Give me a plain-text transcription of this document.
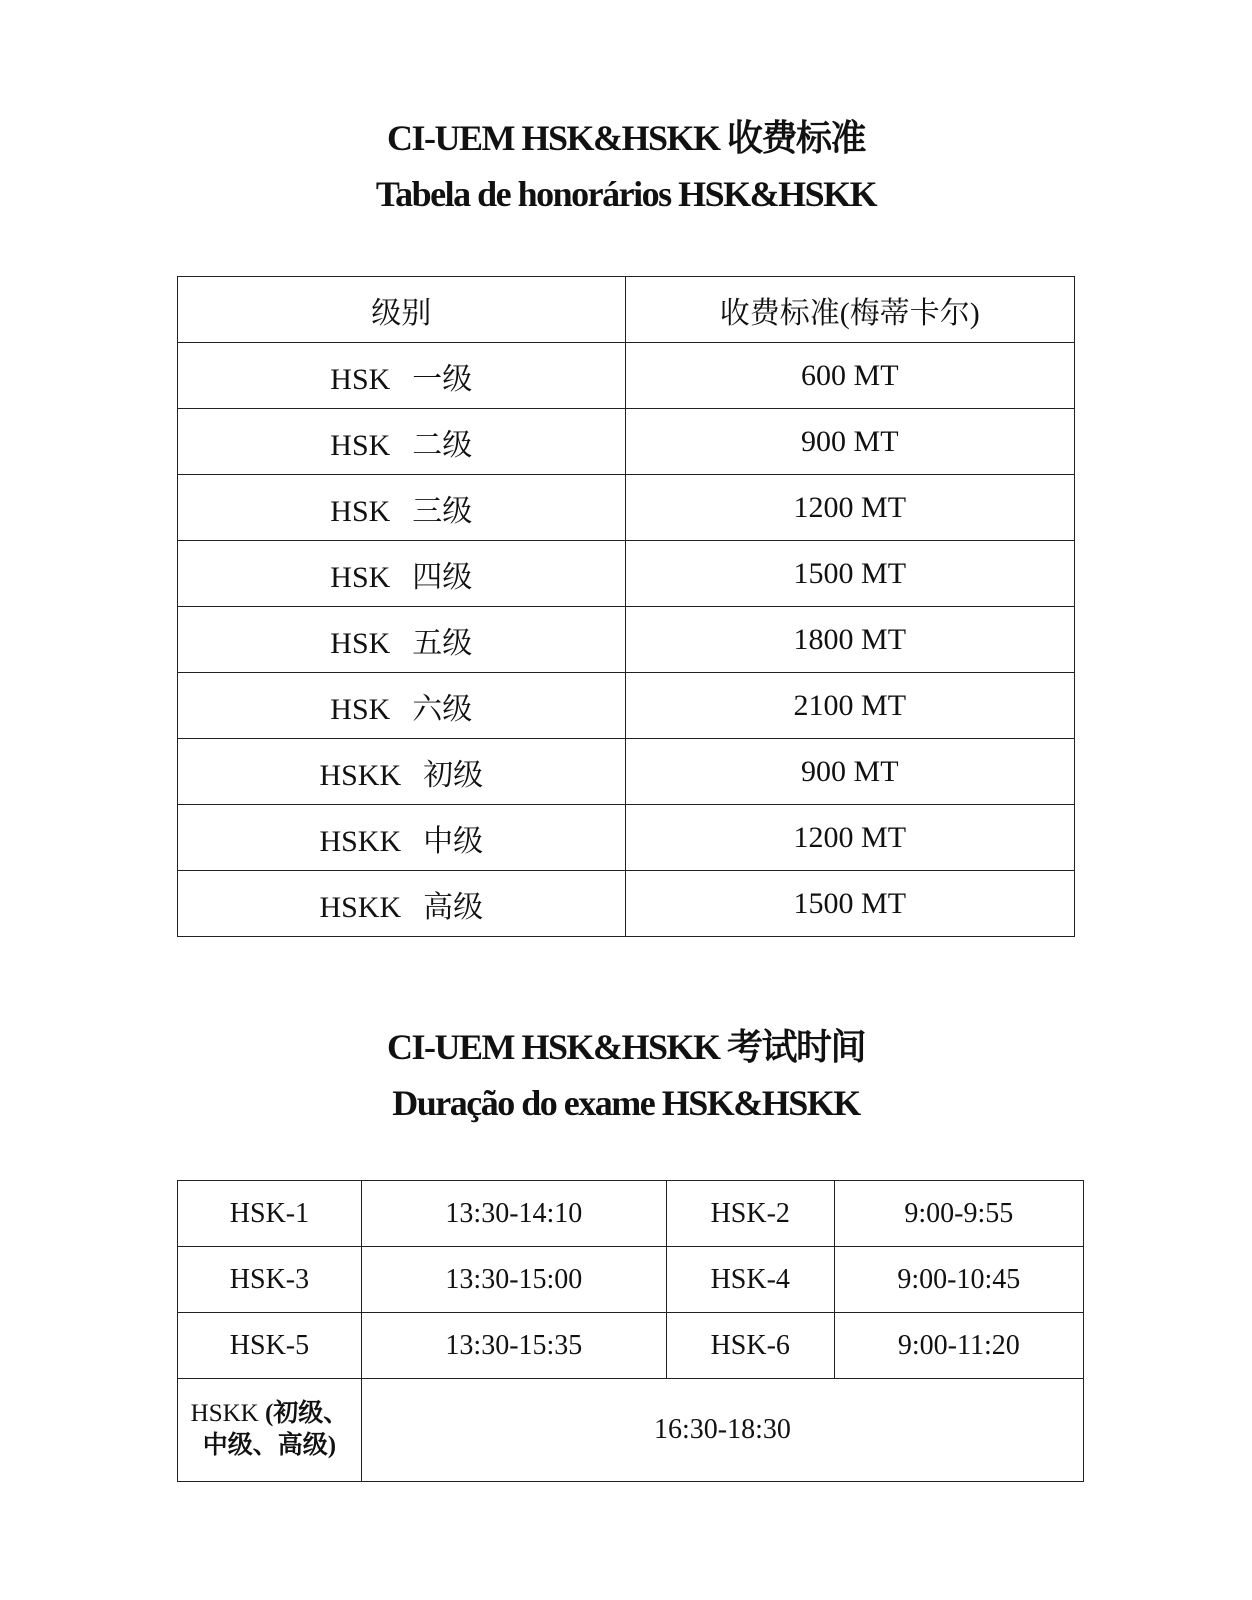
CI-UEM HSK&HSKK 收费标准
Tabela de honorários HSK&HSKK
级别	收费标准(梅蒂卡尔)
HSK 一级	600 MT
HSK 二级	900 MT
HSK 三级	1200 MT
HSK 四级	1500 MT
HSK 五级	1800 MT
HSK 六级	2100 MT
HSKK 初级	900 MT
HSKK 中级	1200 MT
HSKK 高级	1500 MT
CI-UEM HSK&HSKK 考试时间
Duração do exame HSK&HSKK
HSK-1	13:30-14:10	HSK-2	9:00-9:55
HSK-3	13:30-15:00	HSK-4	9:00-10:45
HSK-5	13:30-15:35	HSK-6	9:00-11:20
HSKK (初级、中级、高级)	16:30-18:30		
